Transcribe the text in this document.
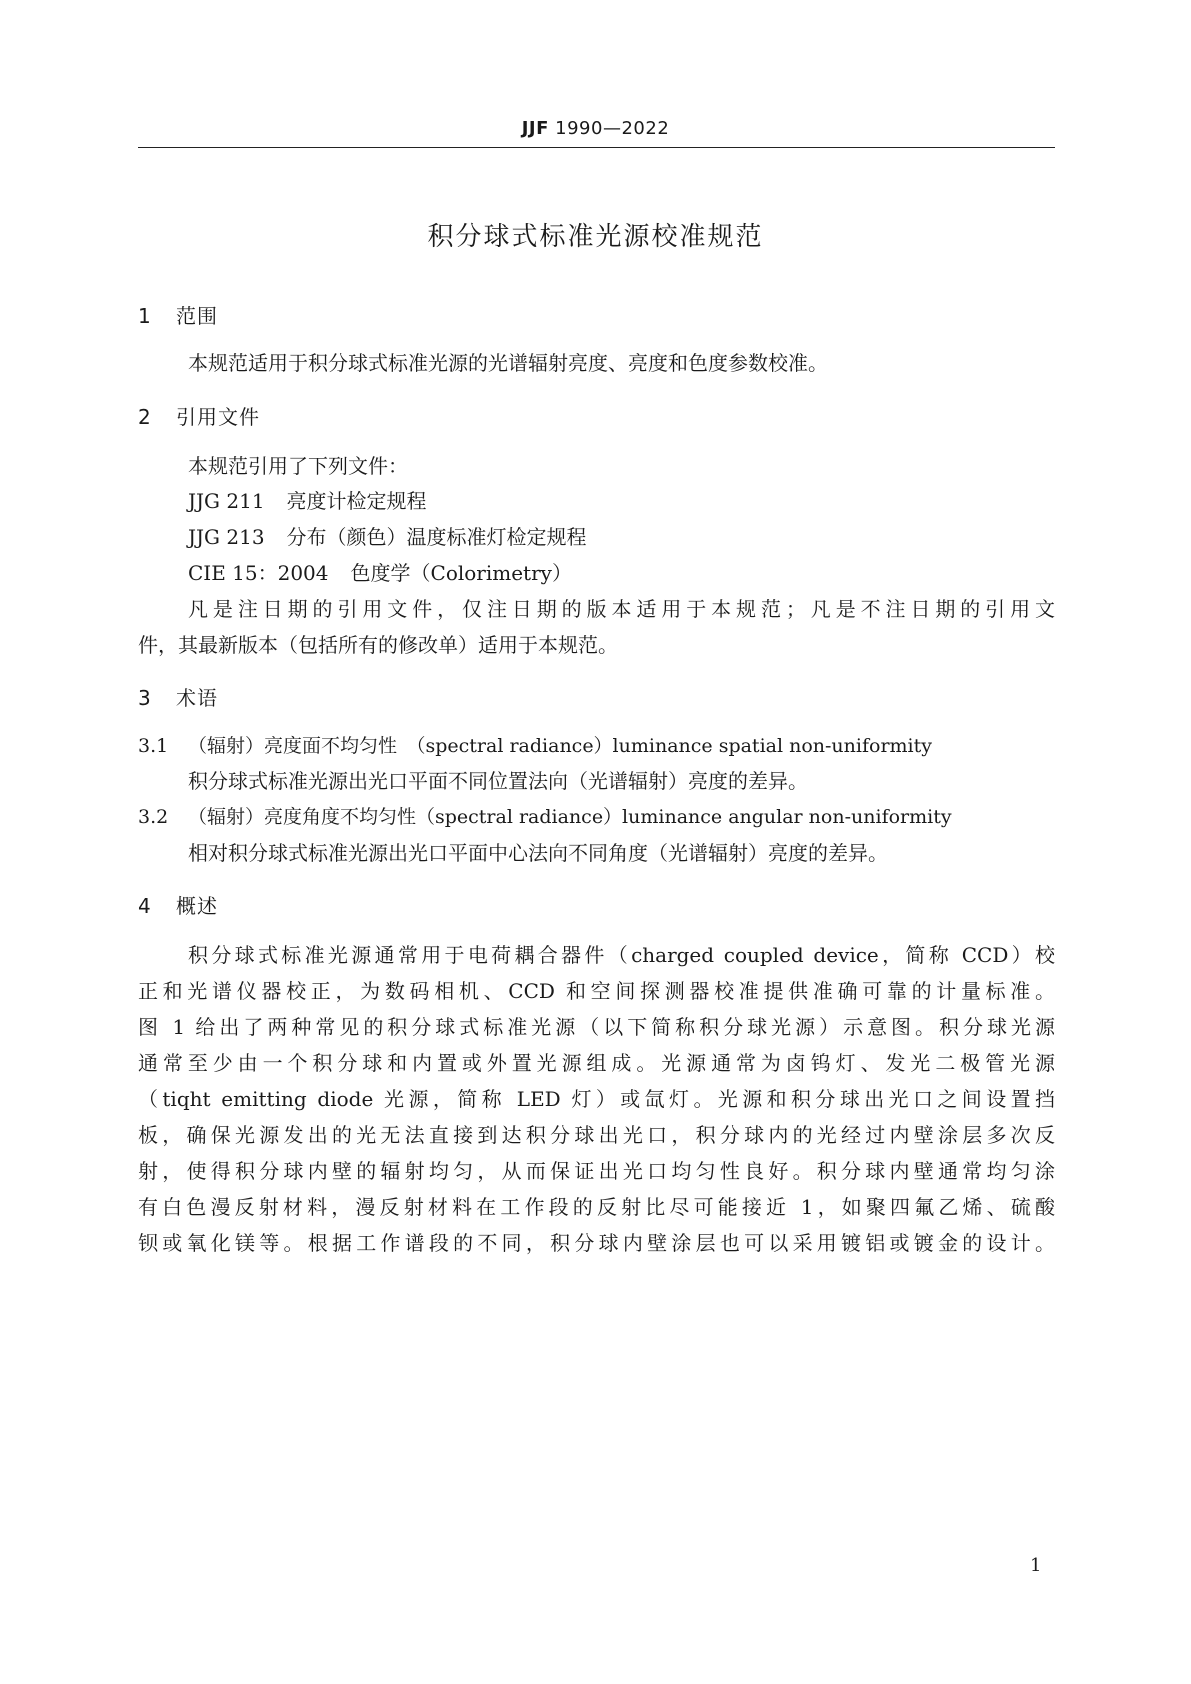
JJF 1990—2022
积分球式标准光源校准规范
1 范围
本规范适用于积分球式标准光源的光谱辐射亮度、亮度和色度参数校准。
2 引用文件
本规范引用了下列文件：
JJG 211 亮度计检定规程
JJG 213 分布（颜色）温度标准灯检定规程
CIE 15：2004 色度学（Colorimetry）
凡是注日期的引用文件，仅注日期的版本适用于本规范；凡是不注日期的引用文
件，其最新版本（包括所有的修改单）适用于本规范。
3 术语
3.1 （辐射）亮度面不均匀性　（spectral radiance）luminance spatial non-uniformity
积分球式标准光源出光口平面不同位置法向（光谱辐射）亮度的差异。
3.2 （辐射）亮度角度不均匀性（spectral radiance）luminance angular non-uniformity
相对积分球式标准光源出光口平面中心法向不同角度（光谱辐射）亮度的差异。
4 概述
积分球式标准光源通常用于电荷耦合器件（charged coupled device，简称 CCD）校
正和光谱仪器校正，为数码相机、CCD 和空间探测器校准提供准确可靠的计量标准。
图 1 给出了两种常见的积分球式标准光源（以下简称积分球光源）示意图。积分球光源
通常至少由一个积分球和内置或外置光源组成。光源通常为卤钨灯、发光二极管光源
（tiqht emitting diode 光源，简称 LED 灯）或氙灯。光源和积分球出光口之间设置挡
板，确保光源发出的光无法直接到达积分球出光口，积分球内的光经过内壁涂层多次反
射，使得积分球内壁的辐射均匀，从而保证出光口均匀性良好。积分球内壁通常均匀涂
有白色漫反射材料，漫反射材料在工作段的反射比尽可能接近 1，如聚四氟乙烯、硫酸
钡或氧化镁等。根据工作谱段的不同，积分球内壁涂层也可以采用镀铝或镀金的设计。
1
